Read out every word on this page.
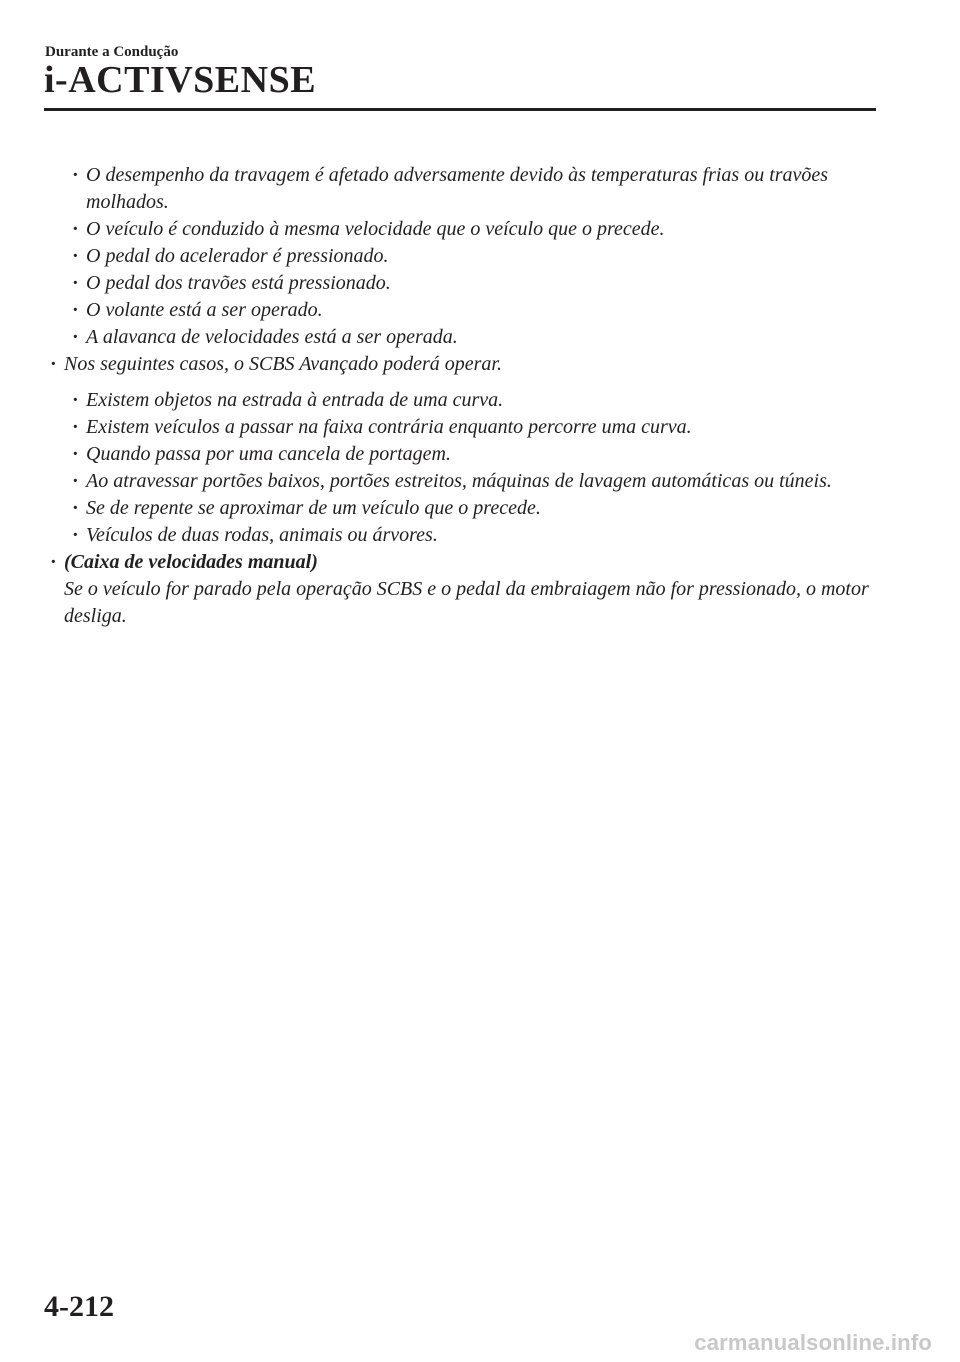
Durante a Condução
i-ACTIVSENSE
· O desempenho da travagem é afetado adversamente devido às temperaturas frias ou travões molhados.
· O veículo é conduzido à mesma velocidade que o veículo que o precede.
· O pedal do acelerador é pressionado.
· O pedal dos travões está pressionado.
· O volante está a ser operado.
· A alavanca de velocidades está a ser operada.
· Nos seguintes casos, o SCBS Avançado poderá operar.
· Existem objetos na estrada à entrada de uma curva.
· Existem veículos a passar na faixa contrária enquanto percorre uma curva.
· Quando passa por uma cancela de portagem.
· Ao atravessar portões baixos, portões estreitos, máquinas de lavagem automáticas ou túneis.
· Se de repente se aproximar de um veículo que o precede.
· Veículos de duas rodas, animais ou árvores.
· (Caixa de velocidades manual)
Se o veículo for parado pela operação SCBS e o pedal da embraiagem não for pressionado, o motor desliga.
4-212
carmanualsonline.info
